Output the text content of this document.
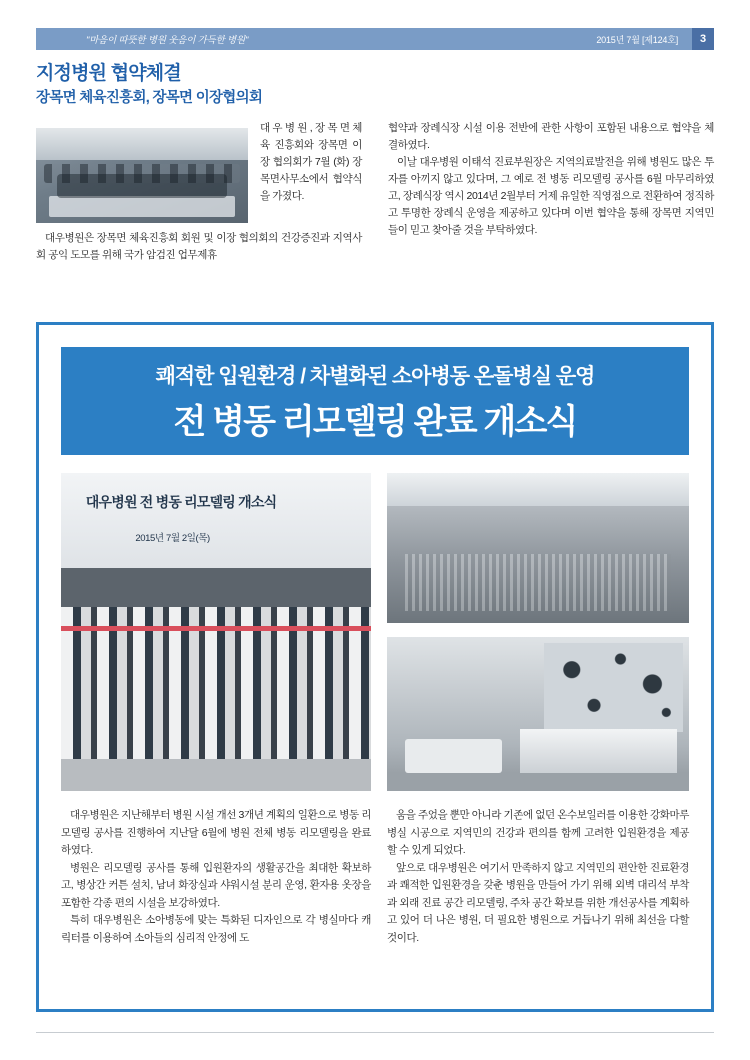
"마음이 따뜻한 병원 웃음이 가득한 병원"	2015년 7월 [제124호]	3
지정병원 협약체결
장목면 체육진흥회, 장목면 이장협의회

대 우 병 원 , 장 목 면 체육 진흥회와 장목면 이장 협의회가 7월 (화) 장목면사무소에서 협약식을 가졌다.

대우병원은 장목면 체육진흥회 회원 및 이장 협의회의 건강증진과 지역사회 공익 도모를 위해 국가 암검진 업무제휴

협약과 장례식장 시설 이용 전반에 관한 사항이 포함된 내용으로 협약을 체결하였다.

이날 대우병원 이태석 진료부원장은 지역의료발전을 위해 병원도 많은 투자를 아끼지 않고 있다며, 그 예로 전 병동 리모델링 공사를 6월 마무리하였고, 장례식장 역시 2014년 2월부터 거제 유일한 직영점으로 전환하여 정직하고 투명한 장례식 운영을 제공하고 있다며 이번 협약을 통해 장목면 지역민들이 믿고 찾아줄 것을 부탁하였다.

쾌적한 입원환경 / 차별화된 소아병동 온돌병실 운영
전 병동 리모델링 완료 개소식
대우병원 전 병동 리모델링 개소식
2015년 7월 2일(목)

대우병원은 지난해부터 병원 시설 개선 3개년 계획의 일환으로 병동 리모델링 공사를 진행하여 지난달 6월에 병원 전체 병동 리모델링을 완료하였다.

병원은 리모델링 공사를 통해 입원환자의 생활공간을 최대한 확보하고, 병상간 커튼 설치, 남녀 화장실과 샤워시설 분리 운영, 환자용 옷장을 포함한 각종 편의 시설을 보강하였다.

특히 대우병원은 소아병동에 맞는 특화된 디자인으로 각 병실마다 캐릭터를 이용하여 소아들의 심리적 안정에 도

움을 주었을 뿐만 아니라 기존에 없던 온수보일러를 이용한 강화마루 병실 시공으로 지역민의 건강과 편의를 함께 고려한 입원환경을 제공할 수 있게 되었다.

앞으로 대우병원은 여기서 만족하지 않고 지역민의 편안한 진료환경과 쾌적한 입원환경을 갖춘 병원을 만들어 가기 위해 외벽 대리석 부착과 외래 진료 공간 리모델링, 주차 공간 확보를 위한 개선공사를 계획하고 있어 더 나은 병원, 더 필요한 병원으로 거듭나기 위해 최선을 다할 것이다.
